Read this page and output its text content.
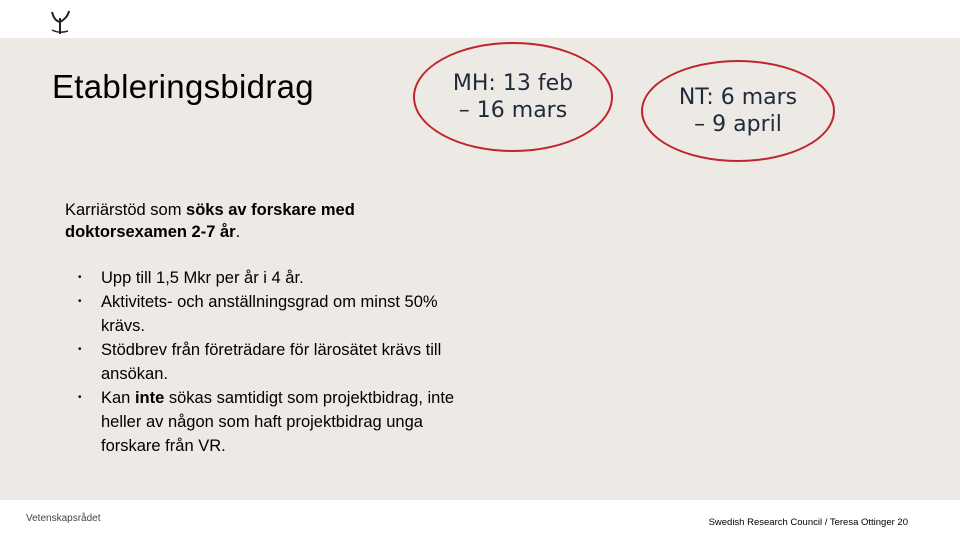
Etableringsbidrag	MH: 13 feb
– 16 mars
NT: 6 mars
– 9 april
Karriärstöd som söks av forskare med doktorsexamen 2-7 år.
• Upp till 1,5 Mkr per år i 4 år.
• Aktivitets- och anställningsgrad om minst 50% krävs.
• Stödbrev från företrädare för lärosätet krävs till ansökan.
• Kan inte sökas samtidigt som projektbidrag, inte heller av någon som haft projektbidrag unga forskare från VR.
Vetenskapsrådet	Swedish Research Council / Teresa Ottinger 20
